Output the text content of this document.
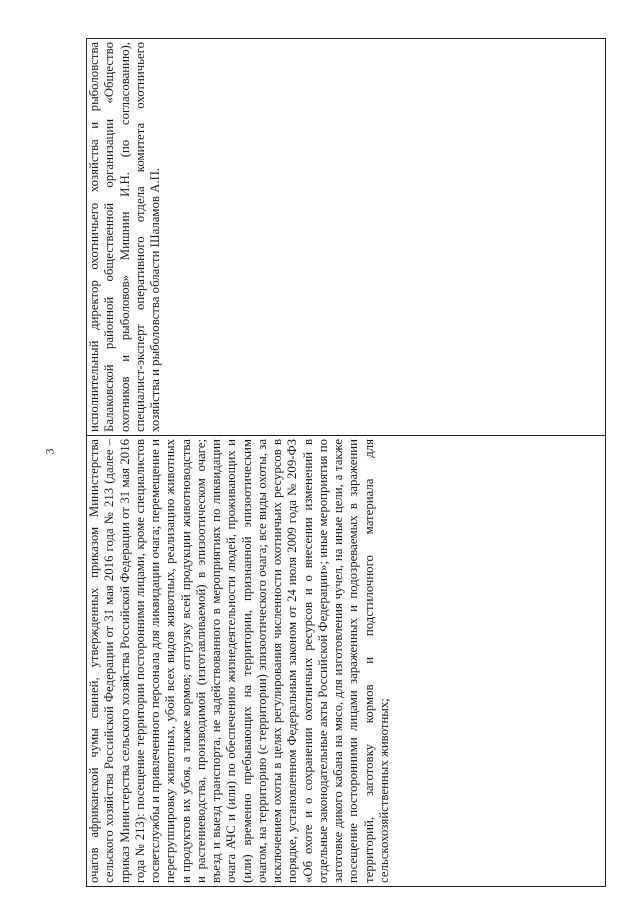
3 очагов африканской чумы свиней, утвержденных приказом Министерства сельского хозяйства Российской Федерации от 31 мая 2016 года № 213 (далее – приказ Министерства сельского хозяйства Российской Федерации от 31 мая 2016 года № 213): посещение территории посторонними лицами, кроме специалистов госветслужбы и привлеченного персонала для ликвидации очага; перемещение и перегруппировку животных, убой всех видов животных, реализацию животных и продуктов их убоя, а также кормов; отгрузку всей продукции животноводства и растениеводства, производимой (изготавливаемой) в эпизоотическом очаге; въезд и выезд транспорта, не задействованного в мероприятиях по ликвидации очага АЧС и (или) по обеспечению жизнедеятельности людей, проживающих и (или) временно пребывающих на территории, признанной эпизоотическим очагом, на территорию (с территории) эпизоотического очага; все виды охоты, за исключением охоты в целях регулирования численности охотничьих ресурсов в порядке, установленном Федеральным законом от 24 июля 2009 года № 209-ФЗ «Об охоте и о сохранении охотничьих ресурсов и о внесении изменений в отдельные законодательные акты Российской Федерации»; иные мероприятия по заготовке дикого кабана на мясо, для изготовления чучел, на иные цели, а также посещение посторонними лицами зараженных и подозреваемых в заражении территорий, заготовку кормов и подстилочного материала для сельскохозяйственных животных;

исполнительный директор охотничьего хозяйства и рыболовства Балаковской районной общественной организации «Общество охотников и рыболовов» Мишнин И.Н. (по согласованию), специалист-эксперт оперативного отдела комитета охотничьего хозяйства и рыболовства области Шаламов А.П.
